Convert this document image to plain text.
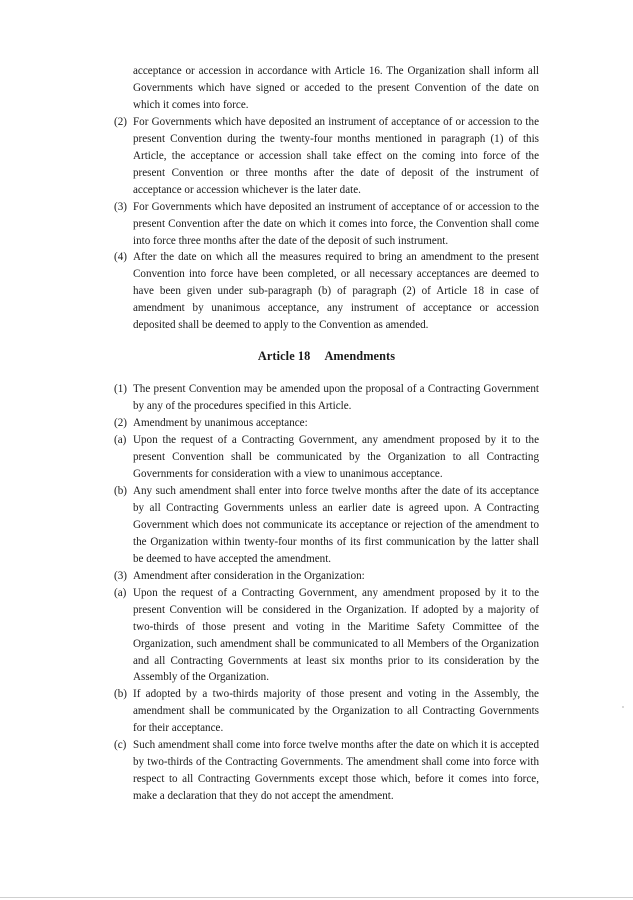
acceptance or accession in accordance with Article 16. The Organization shall inform all Governments which have signed or acceded to the present Convention of the date on which it comes into force.

(2) For Governments which have deposited an instrument of acceptance of or accession to the present Convention during the twenty-four months mentioned in paragraph (1) of this Article, the acceptance or accession shall take effect on the coming into force of the present Convention or three months after the date of deposit of the instrument of acceptance or accession whichever is the later date.

(3) For Governments which have deposited an instrument of acceptance of or accession to the present Convention after the date on which it comes into force, the Convention shall come into force three months after the date of the deposit of such instrument.

(4) After the date on which all the measures required to bring an amendment to the present Convention into force have been completed, or all necessary acceptances are deemed to have been given under sub-paragraph (b) of paragraph (2) of Article 18 in case of amendment by unanimous acceptance, any instrument of acceptance or accession deposited shall be deemed to apply to the Convention as amended.

Article 18 Amendments

(1) The present Convention may be amended upon the proposal of a Contracting Government by any of the procedures specified in this Article.

(2) Amendment by unanimous acceptance:

(a) Upon the request of a Contracting Government, any amendment proposed by it to the present Convention shall be communicated by the Organization to all Contracting Governments for consideration with a view to unanimous acceptance.

(b) Any such amendment shall enter into force twelve months after the date of its acceptance by all Contracting Governments unless an earlier date is agreed upon. A Contracting Government which does not communicate its acceptance or rejection of the amendment to the Organization within twenty-four months of its first communication by the latter shall be deemed to have accepted the amendment.

(3) Amendment after consideration in the Organization:

(a) Upon the request of a Contracting Government, any amendment proposed by it to the present Convention will be considered in the Organization. If adopted by a majority of two-thirds of those present and voting in the Maritime Safety Committee of the Organization, such amendment shall be communicated to all Members of the Organization and all Contracting Governments at least six months prior to its consideration by the Assembly of the Organization.

(b) If adopted by a two-thirds majority of those present and voting in the Assembly, the amendment shall be communicated by the Organization to all Contracting Governments for their acceptance.

(c) Such amendment shall come into force twelve months after the date on which it is accepted by two-thirds of the Contracting Governments. The amendment shall come into force with respect to all Contracting Governments except those which, before it comes into force, make a declaration that they do not accept the amendment.
